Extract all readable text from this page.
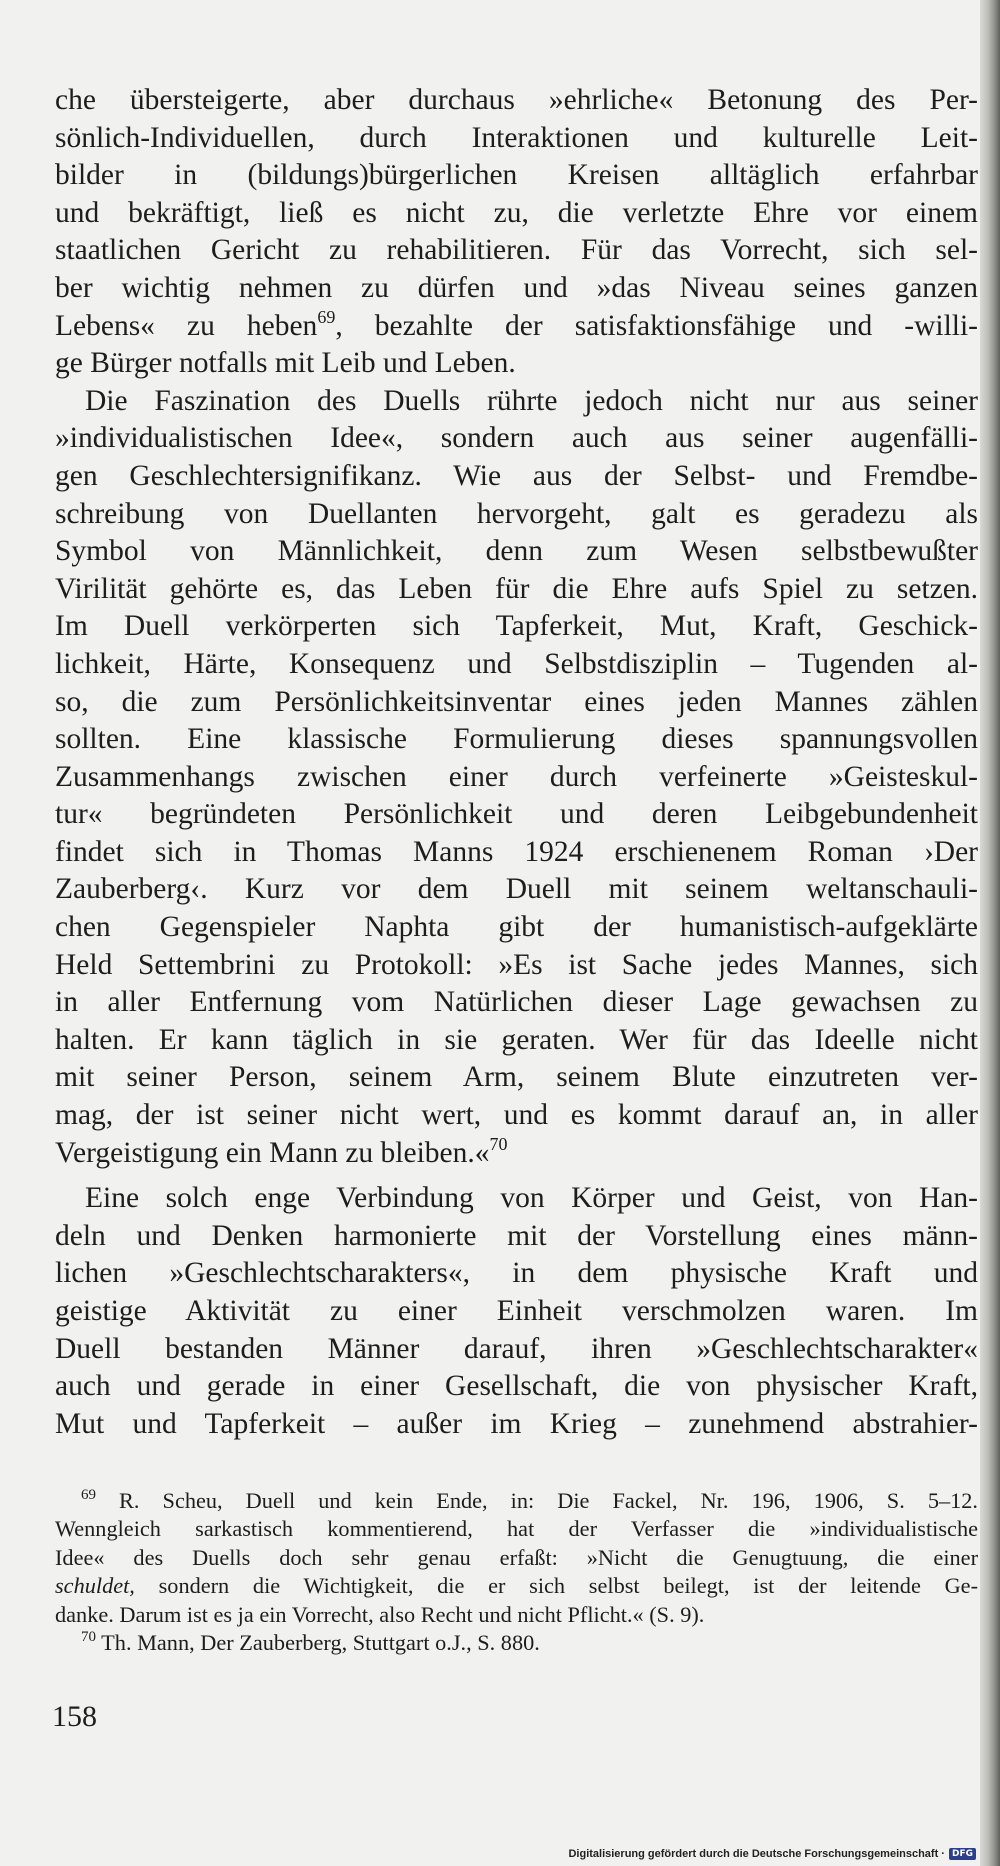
che übersteigerte, aber durchaus »ehrliche« Betonung des Per-
sönlich-Individuellen, durch Interaktionen und kulturelle Leit-
bilder in (bildungs)bürgerlichen Kreisen alltäglich erfahrbar
und bekräftigt, ließ es nicht zu, die verletzte Ehre vor einem
staatlichen Gericht zu rehabilitieren. Für das Vorrecht, sich sel-
ber wichtig nehmen zu dürfen und »das Niveau seines ganzen
Lebens« zu heben$^{69}$, bezahlte der satisfaktionsfähige und -willi-
ge Bürger notfalls mit Leib und Leben.
Die Faszination des Duells rührte jedoch nicht nur aus seiner
»individualistischen Idee«, sondern auch aus seiner augenfälli-
gen Geschlechtersignifikanz. Wie aus der Selbst- und Fremdbe-
schreibung von Duellanten hervorgeht, galt es geradezu als
Symbol von Männlichkeit, denn zum Wesen selbstbewußter
Virilität gehörte es, das Leben für die Ehre aufs Spiel zu setzen.
Im Duell verkörperten sich Tapferkeit, Mut, Kraft, Geschick-
lichkeit, Härte, Konsequenz und Selbstdisziplin – Tugenden al-
so, die zum Persönlichkeitsinventar eines jeden Mannes zählen
sollten. Eine klassische Formulierung dieses spannungsvollen
Zusammenhangs zwischen einer durch verfeinerte »Geisteskul-
tur« begründeten Persönlichkeit und deren Leibgebundenheit
findet sich in Thomas Manns 1924 erschienenem Roman ›Der
Zauberberg‹. Kurz vor dem Duell mit seinem weltanschauli-
chen Gegenspieler Naphta gibt der humanistisch-aufgeklärte
Held Settembrini zu Protokoll: »Es ist Sache jedes Mannes, sich
in aller Entfernung vom Natürlichen dieser Lage gewachsen zu
halten. Er kann täglich in sie geraten. Wer für das Ideelle nicht
mit seiner Person, seinem Arm, seinem Blute einzutreten ver-
mag, der ist seiner nicht wert, und es kommt darauf an, in aller
Vergeistigung ein Mann zu bleiben.«$^{70}$
Eine solch enge Verbindung von Körper und Geist, von Han-
deln und Denken harmonierte mit der Vorstellung eines männ-
lichen »Geschlechtscharakters«, in dem physische Kraft und
geistige Aktivität zu einer Einheit verschmolzen waren. Im
Duell bestanden Männer darauf, ihren »Geschlechtscharakter«
auch und gerade in einer Gesellschaft, die von physischer Kraft,
Mut und Tapferkeit – außer im Krieg – zunehmend abstrahier-
$^{69}$ R. Scheu, Duell und kein Ende, in: Die Fackel, Nr. 196, 1906, S. 5–12.
Wenngleich sarkastisch kommentierend, hat der Verfasser die »individualistische
Idee« des Duells doch sehr genau erfaßt: »Nicht die Genugtuung, die einer
schuldet, sondern die Wichtigkeit, die er sich selbst beilegt, ist der leitende Ge-
danke. Darum ist es ja ein Vorrecht, also Recht und nicht Pflicht.« (S. 9).
$^{70}$ Th. Mann, Der Zauberberg, Stuttgart o.J., S. 880.
158
Digitalisierung gefördert durch die Deutsche Forschungsgemeinschaft · DFG
